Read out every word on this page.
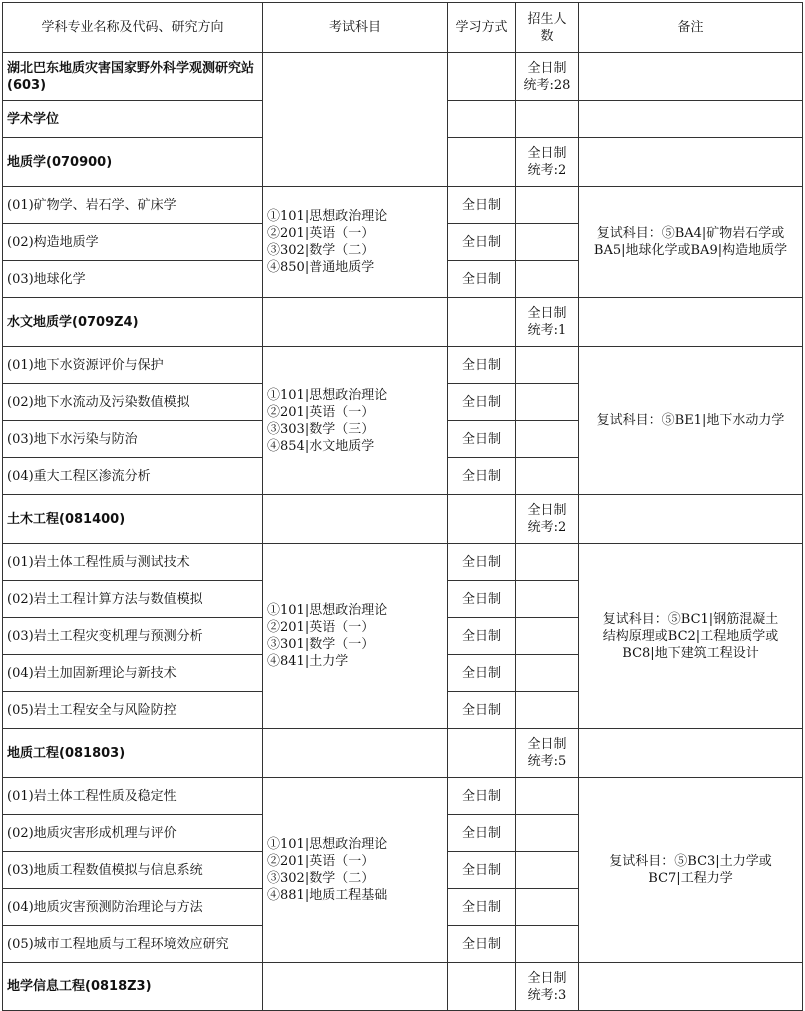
学科专业名称及代码、研究方向	考试科目	学习方式	招生人数	备注
湖北巴东地质灾害国家野外科学观测研究站(603)			全日制
统考:28	

学术学位				
地质学(070900)			全日制
统考:2	

(01)矿物学、岩石学、矿床学	①101|思想政治理论
②201|英语（一）
③302|数学（二）
④850|普通地质学	全日制		复试科目：⑤BA4|矿物岩石学或
BA5|地球化学或BA9|构造地质学

(02)构造地质学		全日制		
(03)地球化学		全日制		
水文地质学(0709Z4)			全日制
统考:1	

(01)地下水资源评价与保护	①101|思想政治理论
②201|英语（一）
③303|数学（三）
④854|水文地质学	全日制		复试科目：⑤BE1|地下水动力学

(02)地下水流动及污染数值模拟		全日制		
(03)地下水污染与防治		全日制		
(04)重大工程区渗流分析		全日制		
土木工程(081400)			全日制
统考:2	

(01)岩土体工程性质与测试技术	①101|思想政治理论
②201|英语（一）
③301|数学（一）
④841|土力学	全日制		复试科目：⑤BC1|钢筋混凝土
结构原理或BC2|工程地质学或
BC8|地下建筑工程设计

(02)岩土工程计算方法与数值模拟		全日制		
(03)岩土工程灾变机理与预测分析		全日制		
(04)岩土加固新理论与新技术		全日制		
(05)岩土工程安全与风险防控		全日制		
地质工程(081803)			全日制
统考:5	

(01)岩土体工程性质及稳定性	①101|思想政治理论
②201|英语（一）
③302|数学（二）
④881|地质工程基础	全日制		复试科目：⑤BC3|土力学或
BC7|工程力学

(02)地质灾害形成机理与评价		全日制		
(03)地质工程数值模拟与信息系统		全日制		
(04)地质灾害预测防治理论与方法		全日制		
(05)城市工程地质与工程环境效应研究		全日制		
地学信息工程(0818Z3)			全日制
统考:3	
